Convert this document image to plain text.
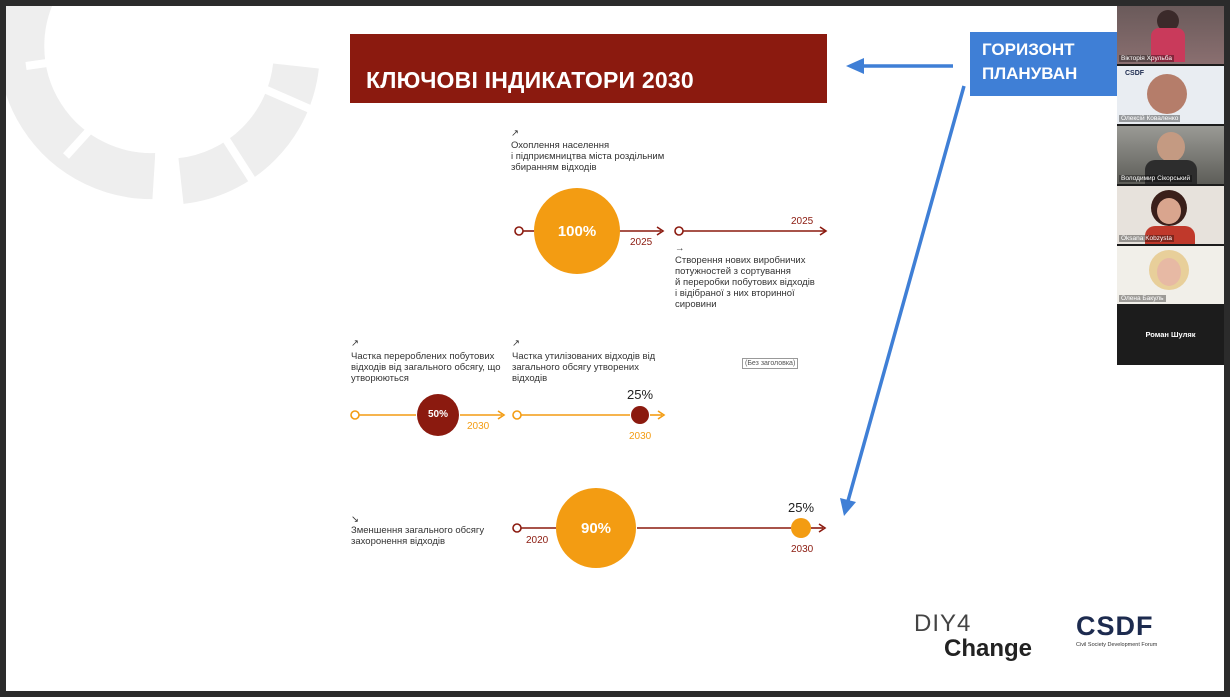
КЛЮЧОВІ ІНДИКАТОРИ 2030
↗
Охоплення населення
і підприємництва міста роздільним
збиранням відходів
100%
2025
2025
→
Створення нових виробничих
потужностей з сортування
й переробки побутових відходів
і відібраної з них вторинної
сировини
↗
Частка перероблених побутових
відходів від загального обсягу, що
утворюються
50%
2030
↗
Частка утилізованих відходів від
загального обсягу утворених
відходів
25%
2030
(Без заголовка)
↘
Зменшення загального обсягу
захоронення відходів	2020
90%
25%
2030
ГОРИЗОНТ
ПЛАНУВАН
DIY4
Change
CSDF
Civil Society Development Forum
Вікторія Хрульба
CSDF
Олексій Коваленко
Володимир Сікорський
Oksana Kobzysta
Олена Бакуль
Роман Шуляк
